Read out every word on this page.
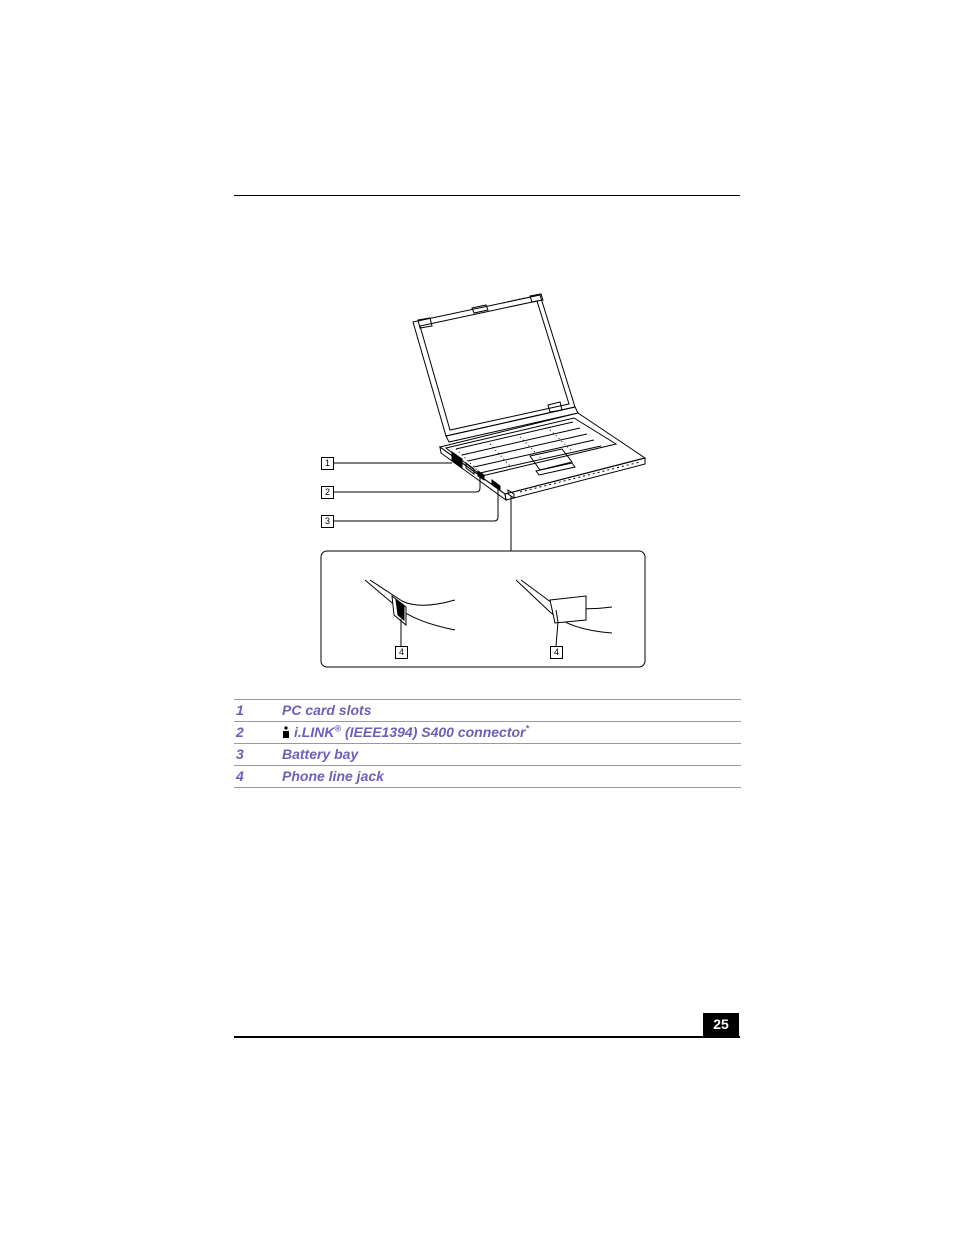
1
2
3
4	4
1	PC card slots
2	i.LINK® (IEEE1394) S400 connector*
3	Battery bay
4	Phone line jack
25
